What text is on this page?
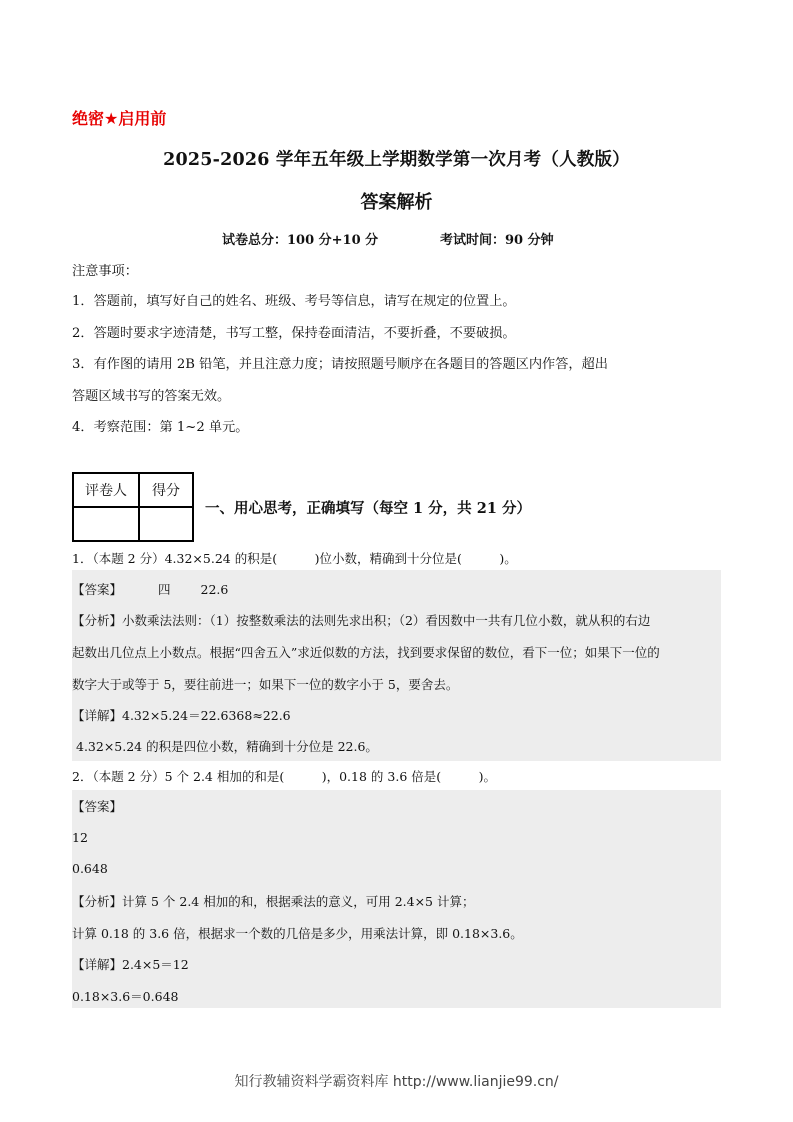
绝密★启用前
2025-2026 学年五年级上学期数学第一次月考（人教版）
答案解析
试卷总分：100 分+10 分	考试时间：90 分钟
注意事项：
1．答题前，填写好自己的姓名、班级、考号等信息，请写在规定的位置上。
2．答题时要求字迹清楚，书写工整，保持卷面清洁，不要折叠，不要破损。
3．有作图的请用 2B 铅笔，并且注意力度；请按照题号顺序在各题目的答题区内作答，超出
答题区域书写的答案无效。
4．考察范围：第 1~2 单元。
评卷人	得分

一、用心思考，正确填写（每空 1 分，共 21 分）
1．（本题 2 分）4.32×5.24 的积是(　　　)位小数，精确到十分位是(　　　)。
【答案】	四 22.6
【分析】小数乘法法则：（1）按整数乘法的法则先求出积；（2）看因数中一共有几位小数，就从积的右边
起数出几位点上小数点。根据“四舍五入”求近似数的方法，找到要求保留的数位，看下一位；如果下一位的
数字大于或等于 5，要往前进一；如果下一位的数字小于 5，要舍去。
【详解】4.32×5.24＝22.6368≈22.6
4.32×5.24 的积是四位小数，精确到十分位是 22.6。
2．（本题 2 分）5 个 2.4 相加的和是(　　　)，0.18 的 3.6 倍是(　　　)。
【答案】
12
0.648
【分析】计算 5 个 2.4 相加的和，根据乘法的意义，可用 2.4×5 计算；
计算 0.18 的 3.6 倍，根据求一个数的几倍是多少，用乘法计算，即 0.18×3.6。
【详解】2.4×5＝12
0.18×3.6＝0.648
知行教辅资料学霸资料库 http://www.lianjie99.cn/
